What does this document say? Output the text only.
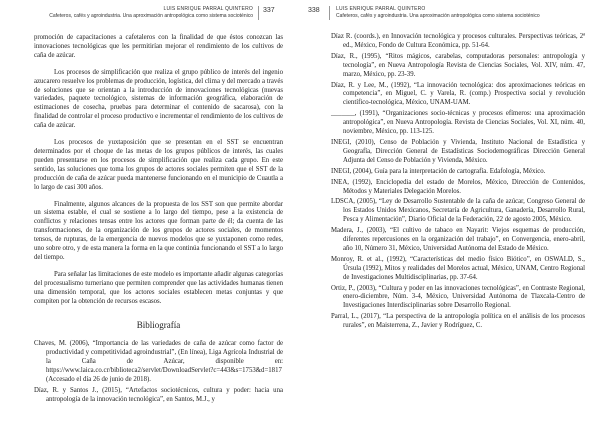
LUIS ENRIQUE PARRAL QUINTERO
Cafeteros, cafés y agroindustria. Una aproximación antropológica como sistema socioténico
337

promoción de capacitaciones a cafetaleros con la finalidad de que éstos conozcan las innovaciones tecnológicas que les permitirían mejorar el rendimiento de los cultivos de caña de azúcar.

Los procesos de simplificación que realiza el grupo público de interés del ingenio azucarero resuelve los problemas de producción, logística, del clima y del mercado a través de soluciones que se orientan a la introducción de innovaciones tecnológicas (nuevas variedades, paquete tecnológico, sistemas de información geográfica, elaboración de estimaciones de cosecha, pruebas para determinar el contenido de sacarosa), con la finalidad de controlar el proceso productivo e incrementar el rendimiento de los cultivos de caña de azúcar.

Los procesos de yuxtaposición que se presentan en el SST se encuentran determinados por el choque de las metas de los grupos públicos de interés, las cuales pueden presentarse en los procesos de simplificación que realiza cada grupo. En este sentido, las soluciones que toma los grupos de actores sociales permiten que el SST de la producción de caña de azúcar pueda mantenerse funcionando en el municipio de Cuautla a lo largo de casi 300 años.

Finalmente, algunos alcances de la propuesta de los SST son que permite abordar un sistema estable, el cual se sostiene a lo largo del tiempo, pese a la existencia de conflictos y relaciones tensas entre los actores que forman parte de él; da cuenta de las transformaciones, de la organización de los grupos de actores sociales, de momentos tensos, de rupturas, de la emergencia de nuevos modelos que se yuxtaponen como redes, uno sobre otro, y de esta manera la forma en la que continúa funcionando el SST a lo largo del tiempo.

Para señalar las limitaciones de este modelo es importante añadir algunas categorías del procesualismo turneriano que permiten comprender que las actividades humanas tienen una dimensión temporal, que los actores sociales establecen metas conjuntas y que compiten por la obtención de recursos escasos.

Bibliografía
Chaves, M. (2006), “Importancia de las variedades de caña de azúcar como factor de productividad y competitividad agroindustrial”, (En línea), Liga Agrícola Industrial de la Caña de Azúcar, disponible en: https://www.laica.co.cr/biblioteca2/servlet/DownloadServlet?c=443&s=1753&d=1817 (Accesado el día 26 de junio de 2018).
Díaz, R. y Santos J., (2015), “Artefactos sociotécnicos, cultura y poder: hacia una antropología de la innovación tecnológica”, en Santos, M.J., y
338	LUIS ENRIQUE PARRAL QUINTERO
Cafeteros, cafés y agroindustria. Una aproximación antropológica como sistema socioténico
Díaz R. (coords.), en Innovación tecnológica y procesos culturales. Perspectivas teóricas, 2ª ed., México, Fondo de Cultura Económica, pp. 51-64.
Díaz, R., (1995), “Ritos mágicos, carabelas, computadoras personales: antropología y tecnología”, en Nueva Antropología Revista de Ciencias Sociales, Vol. XIV, núm. 47, marzo, México, pp. 23-39.
Díaz, R. y Lee, M., (1992), “La innovación tecnológica: dos aproximaciones teóricas en competencia”, en Miguel, C. y Varela, R. (comp.) Prospectiva social y revolución científico-tecnológica, México, UNAM-UAM.
_______, (1991), “Organizaciones socio-técnicas y procesos efímeros: una aproximación antropológica”, en Nueva Antropología. Revista de Ciencias Sociales, Vol. XI, núm. 40, noviembre, México, pp. 113-125.
INEGI, (2010), Censo de Población y Vivienda, Instituto Nacional de Estadística y Geografía, Dirección General de Estadísticas Sociodemográficas Dirección General Adjunta del Censo de Población y Vivienda, México.
INEGI, (2004), Guía para la interpretación de cartografía. Edafología, México.
INEA, (1992), Enciclopedia del estado de Morelos, México, Dirección de Contenidos, Métodos y Materiales Delegación Morelos.
LDSCA, (2005), “Ley de Desarrollo Sustentable de la caña de azúcar, Congreso General de los Estados Unidos Mexicanos, Secretaría de Agricultura, Ganadería, Desarrollo Rural, Pesca y Alimentación”, Diario Oficial de la Federación, 22 de agosto 2005, México.
Madera, J., (2003), “El cultivo de tabaco en Nayarit: Viejos esquemas de producción, diferentes repercusiones en la organización del trabajo”, en Convergencia, enero-abril, año 10, Número 31, México, Universidad Autónoma del Estado de México.
Monroy, R. et al., (1992), “Características del medio físico Biótico”, en OSWALD, S., Úrsula (1992), Mitos y realidades del Morelos actual, México, UNAM, Centro Regional de Investigaciones Multidisciplinarias, pp. 37-64.
Ortiz, P., (2003), “Cultura y poder en las innovaciones tecnológicas”, en Contraste Regional, enero-diciembre, Núm. 3-4, México, Universidad Autónoma de Tlaxcala-Centro de Investigaciones Interdisciplinarias sobre Desarrollo Regional.
Parral, L., (2017), “La perspectiva de la antropología política en el análisis de los procesos rurales”, en Maisterrena, Z., Javier y Rodríguez, C.
